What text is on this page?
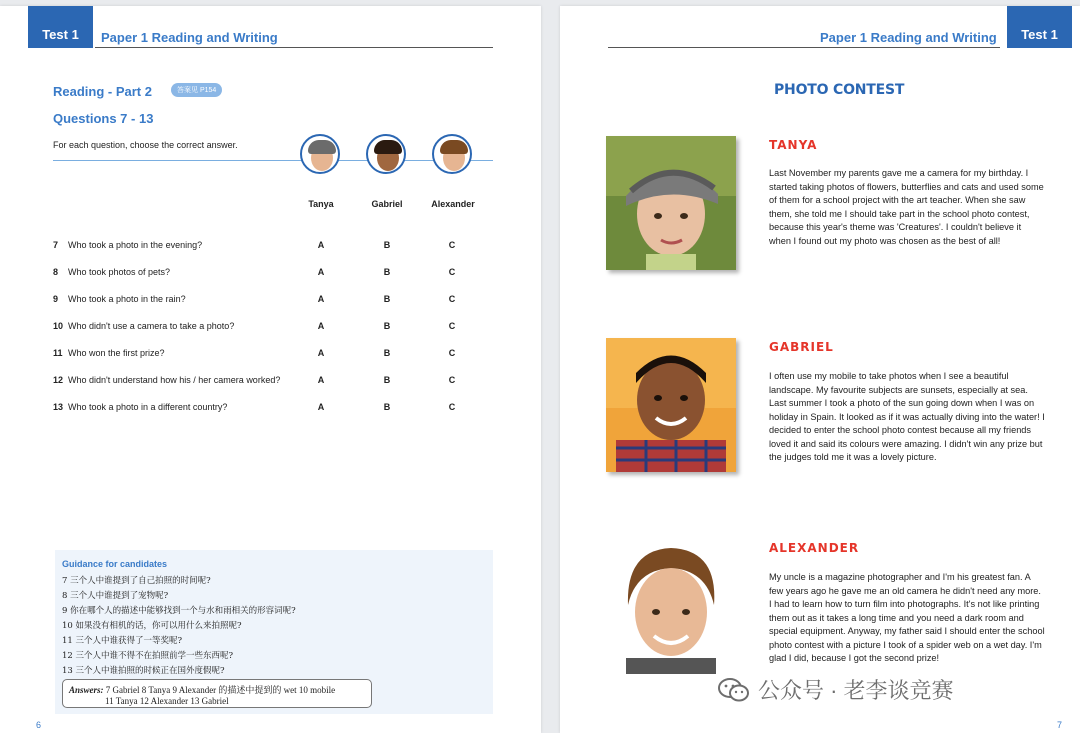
Test 1	Paper 1 Reading and Writing
Reading - Part 2	答案见 P154
Questions 7 - 13
For each question, choose the correct answer.
Tanya	Gabriel	Alexander
7 Who took a photo in the evening?	A	B	C
8 Who took photos of pets?	A	B	C
9 Who took a photo in the rain?	A	B	C
10 Who didn't use a camera to take a photo?	A	B	C
11 Who won the first prize?	A	B	C
12 Who didn't understand how his / her camera worked?	A	B	C
13 Who took a photo in a different country?	A	B	C
Guidance for candidates
7 三个人中谁提到了自己拍照的时间呢?
8 三个人中谁提到了宠物呢?
9 你在哪个人的描述中能够找到一个与水和雨相关的形容词呢?
10 如果没有相机的话，你可以用什么来拍照呢?
11 三个人中谁获得了一等奖呢?
12 三个人中谁不得不在拍照前学一些东西呢?
13 三个人中谁拍照的时候正在国外度假呢?
Answers: 7 Gabriel 8 Tanya 9 Alexander 的描述中提到的 wet 10 mobile
11 Tanya 12 Alexander 13 Gabriel
6
Paper 1 Reading and Writing	Test 1
PHOTO CONTEST
TANYA
Last November my parents gave me a camera for my birthday. I started taking photos of flowers, butterflies and cats and used some of them for a school project with the art teacher. When she saw them, she told me I should take part in the school photo contest, because this year's theme was 'Creatures'. I couldn't believe it when I found out my photo was chosen as the best of all!
GABRIEL
I often use my mobile to take photos when I see a beautiful landscape. My favourite subjects are sunsets, especially at sea. Last summer I took a photo of the sun going down when I was on holiday in Spain. It looked as if it was actually diving into the water! I decided to enter the school photo contest because all my friends loved it and said its colours were amazing. I didn't win any prize but the judges told me it was a lovely picture.
ALEXANDER
My uncle is a magazine photographer and I'm his greatest fan. A few years ago he gave me an old camera he didn't need any more. I had to learn how to turn film into photographs. It's not like printing them out as it takes a long time and you need a dark room and special equipment. Anyway, my father said I should enter the school photo contest with a picture I took of a spider web on a wet day. I'm glad I did, because I got the second prize!
7
公众号 · 老李谈竞赛
